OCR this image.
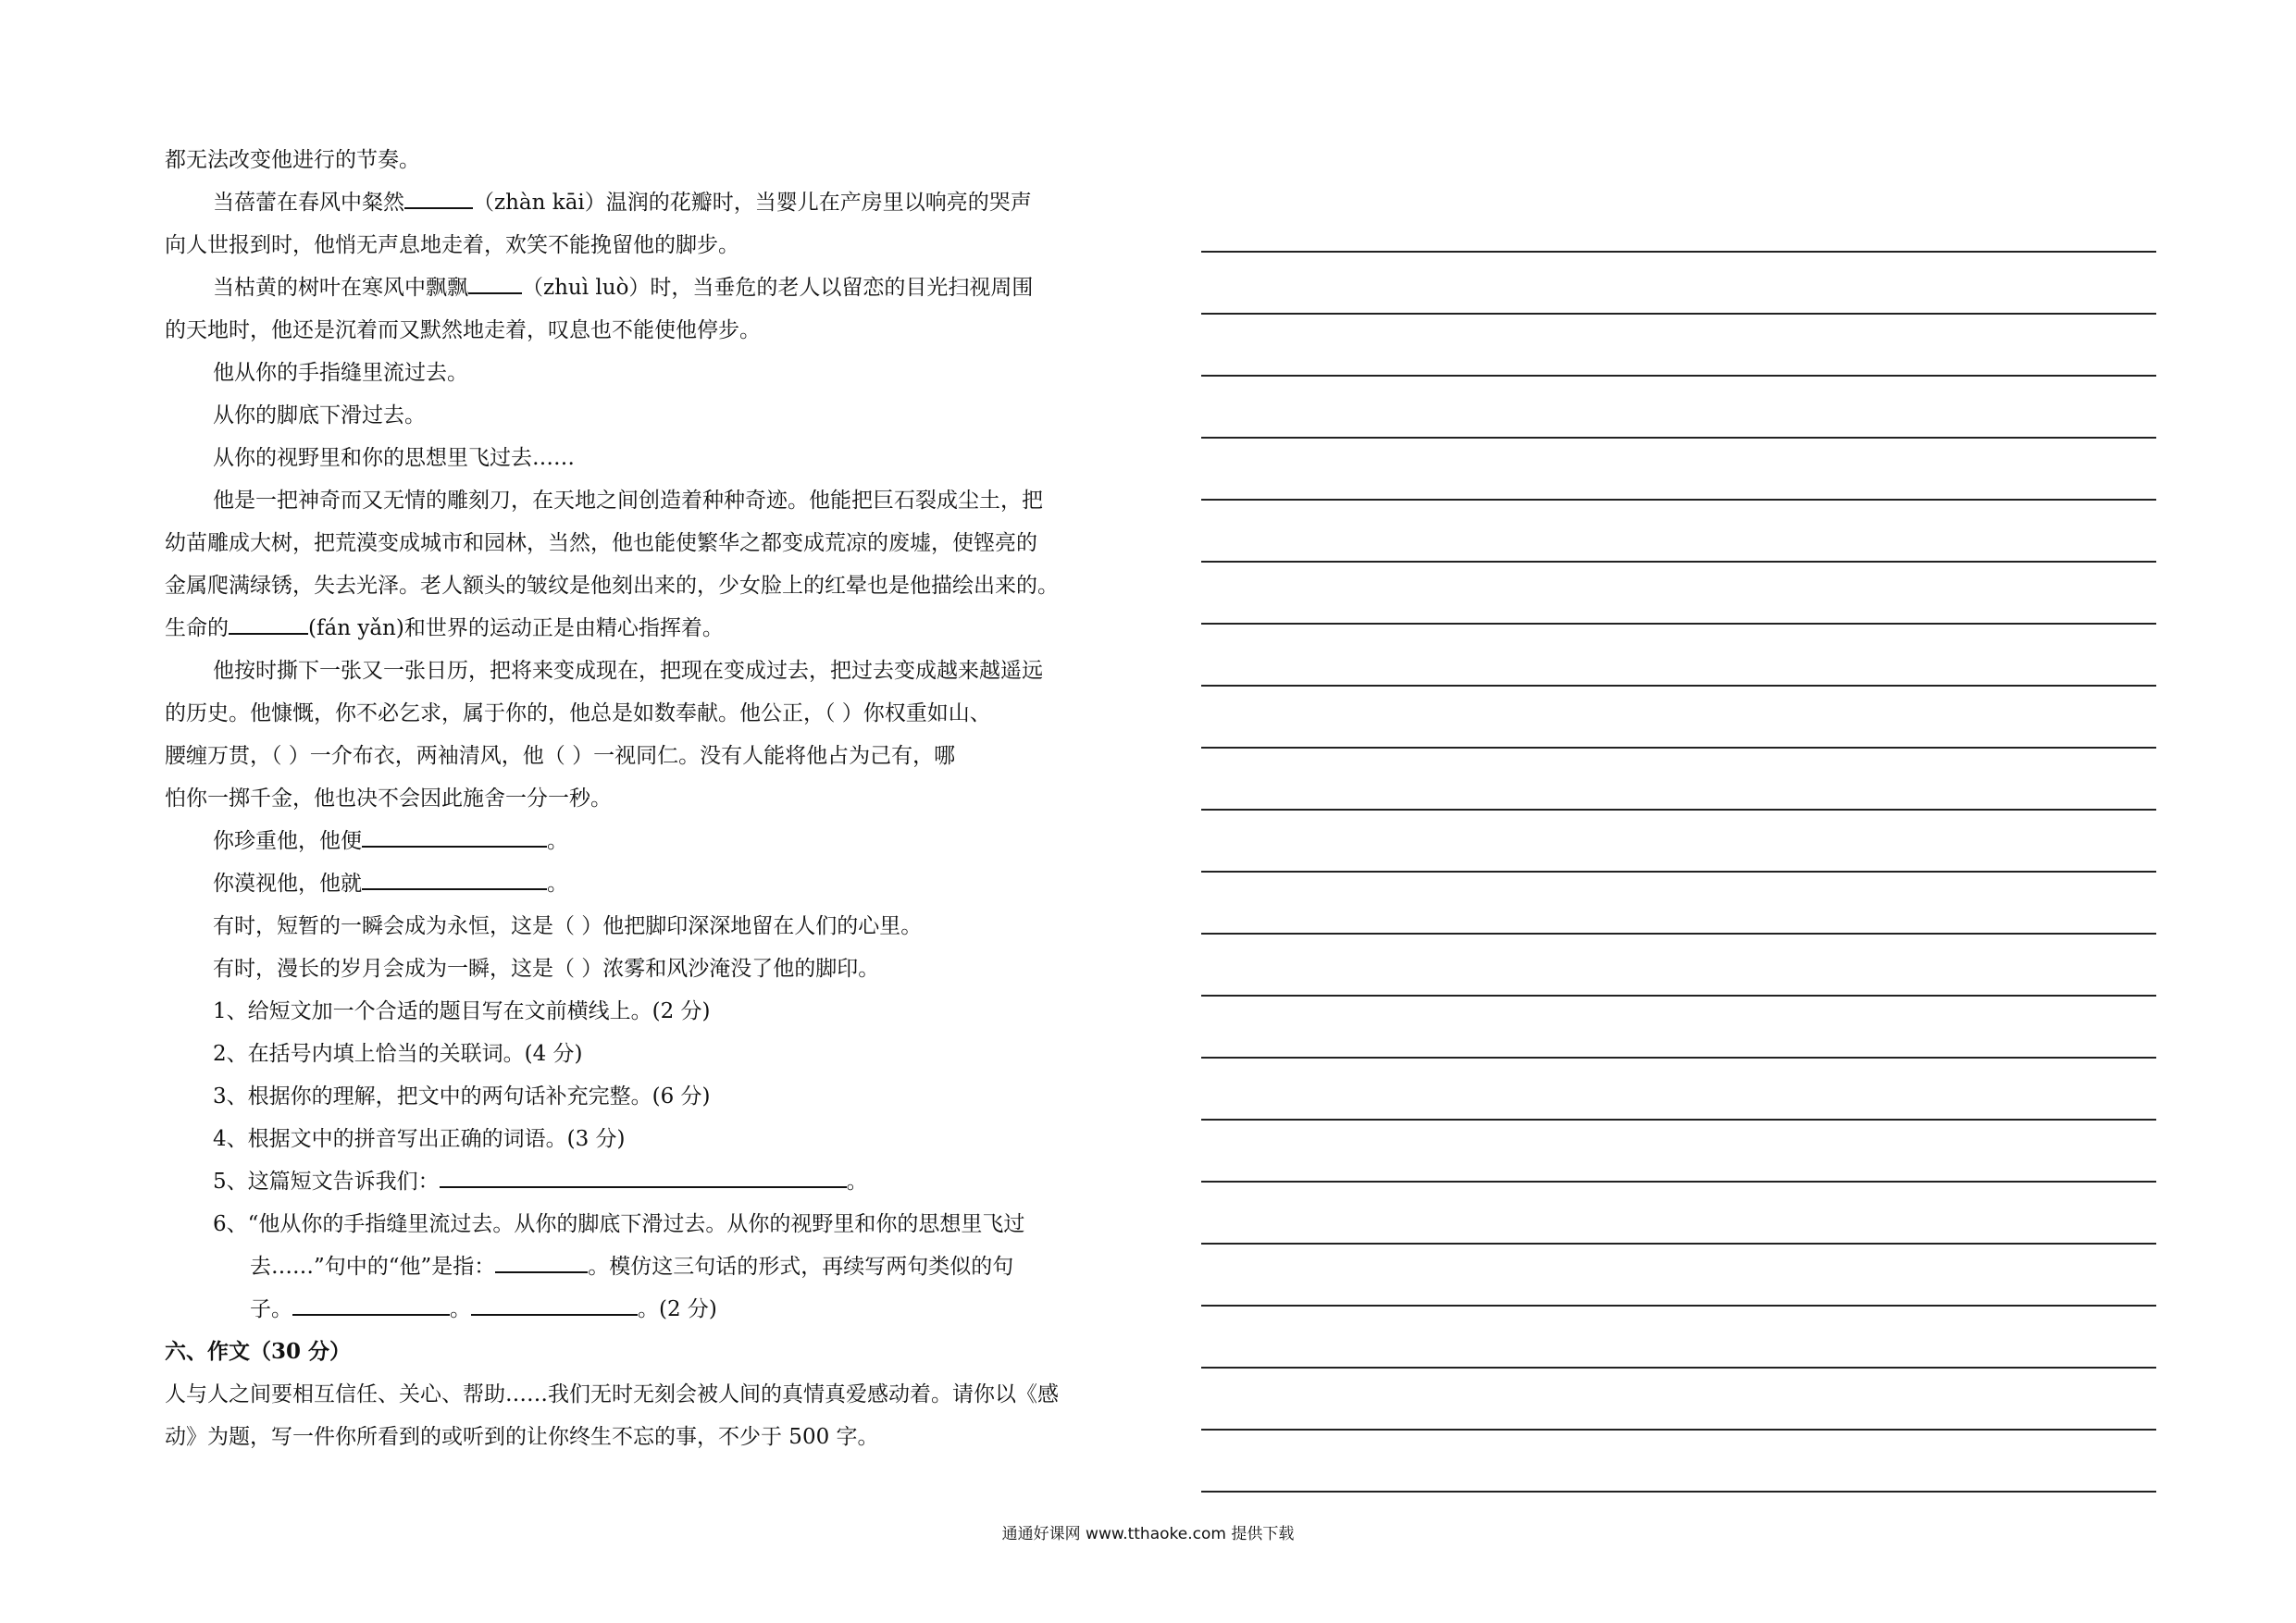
都无法改变他进行的节奏。
当蓓蕾在春风中粲然	（zhàn kāi）温润的花瓣时，当婴儿在产房里以响亮的哭声
向人世报到时，他悄无声息地走着，欢笑不能挽留他的脚步。
当枯黄的树叶在寒风中飘飘	（zhuì luò）时，当垂危的老人以留恋的目光扫视周围
的天地时，他还是沉着而又默然地走着，叹息也不能使他停步。
他从你的手指缝里流过去。
从你的脚底下滑过去。
从你的视野里和你的思想里飞过去……
他是一把神奇而又无情的雕刻刀，在天地之间创造着种种奇迹。他能把巨石裂成尘土，把
幼苗雕成大树，把荒漠变成城市和园林，当然，他也能使繁华之都变成荒凉的废墟，使铿亮的
金属爬满绿锈，失去光泽。老人额头的皱纹是他刻出来的，少女脸上的红晕也是他描绘出来的。
生命的	(fán yǎn)和世界的运动正是由精心指挥着。
他按时撕下一张又一张日历，把将来变成现在，把现在变成过去，把过去变成越来越遥远
的历史。他慷慨，你不必乞求，属于你的，他总是如数奉献。他公正，（ ）你权重如山、
腰缠万贯，（ ）一介布衣，两袖清风，他（ ）一视同仁。没有人能将他占为己有，哪
怕你一掷千金，他也决不会因此施舍一分一秒。
你珍重他，他便	。
你漠视他，他就	。
有时，短暂的一瞬会成为永恒，这是（ ）他把脚印深深地留在人们的心里。
有时，漫长的岁月会成为一瞬，这是（ ）浓雾和风沙淹没了他的脚印。
1、给短文加一个合适的题目写在文前横线上。(2 分)
2、在括号内填上恰当的关联词。(4 分)
3、根据你的理解，把文中的两句话补充完整。(6 分)
4、根据文中的拼音写出正确的词语。(3 分)
5、这篇短文告诉我们：	。
6、“他从你的手指缝里流过去。从你的脚底下滑过去。从你的视野里和你的思想里飞过
去……”句中的“他”是指：	。模仿这三句话的形式，再续写两句类似的句
子。	。	。(2 分)
六、作文（30 分）
人与人之间要相互信任、关心、帮助……我们无时无刻会被人间的真情真爱感动着。请你以《感
动》为题，写一件你所看到的或听到的让你终生不忘的事，不少于 500 字。
通通好课网 www.tthaoke.com 提供下载
